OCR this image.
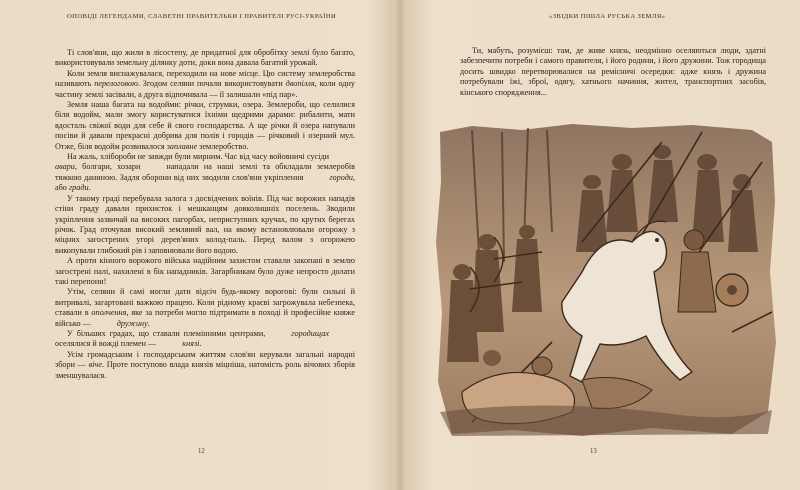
ОПОВІДІ ЛЕГЕНДАМИ, СЛАВЕТНІ ПРАВИТЕЛЬКИ І ПРАВИТЕЛІ РУСІ-УКРАЇНИ

Ті слов'яни, що жили в лісостепу, де придатної для обробітку землі було багато, використовували земельну ділянку доти, доки вона давала багатий урожай.

Коли земля виснажувалася, переходили на нове місце. Цю систему землеробства називають перелоговою. Згодом селяни почали використовувати двопілля, коли одну частину землі засівали, а друга відпочивала — її залишали «під пар».

Земля наша багата на водойми: річки, струмки, озера. Землероби, що селилися біля водойм, мали змогу користуватися їхніми щедрими дарами: рибалити, мати вдосталь свіжої води для себе й свого господарства. А ще річки й озера напували посіви й давали прекрасні добрива для полів і городів — річковий і озерний мул. Отже, біля водойм розвивалося заплавне землеробство.

На жаль, хлібороби не завжди були мирним. Час від часу войовничі сусідиавари, болгари, хозари	нападали на наші землі та обкладали землеробів тяжкою даниною. Задля оборони від них зводили слов'яни укріплення	городи, або гради.

У такому граді перебувала залога з досвідчених воїнів. Під час ворожих нападів стіни граду давали прихисток і мешканцям довколишніх поселень. Зводили укріплення зазвичай на високих пагорбах, неприступних кручах, по крутих берегах річок. Град оточував високий земляний вал, на якому встановлювали огорожу з міцних загострених угорі дерев'яних колод-паль. Перед валом з огорожею викопували глибокий рів і заповнювали його водою.

А проти кінного ворожого війська надійним захистом ставали закопані в землю загострені палі, нахилені в бік нападників. Загарбникам було дуже непросто долати такі перепони!

Утім, селяни й самі могли дати відсіч будь-якому ворогові: були сильні й витривалі, загартовані важкою працею. Коли рідному краєві загрожувала небезпека, ставали в ополчення, яке за потреби могло підтримати в поході й професійне княже військо —	дружину.

У більших градах, що ставали племінними центрами,	городищахоселялися й вожді племен —	князі.

Усім громадським і господарським життям слов'ян керували загальні народні збори — віче. Проте поступово влада князів міцніша, натомість роль вічових зборів зменшувалася.

12
«ЗВІДКИ ПІШЛА РУСЬКА ЗЕМЛЯ»

Ти, мабуть, розумієш: там, де живе князь, неодмінно оселяються люди, здатні забезпечити потреби і самого правителя, і його родини, і його дружини. Тож городища досить швидко перетворювалися на ремісничі осередки: адже князь і дружина потребували їжі, зброї, одягу, хатнього начиння, жител, транспортних засобів, кінського спорядження...

13
